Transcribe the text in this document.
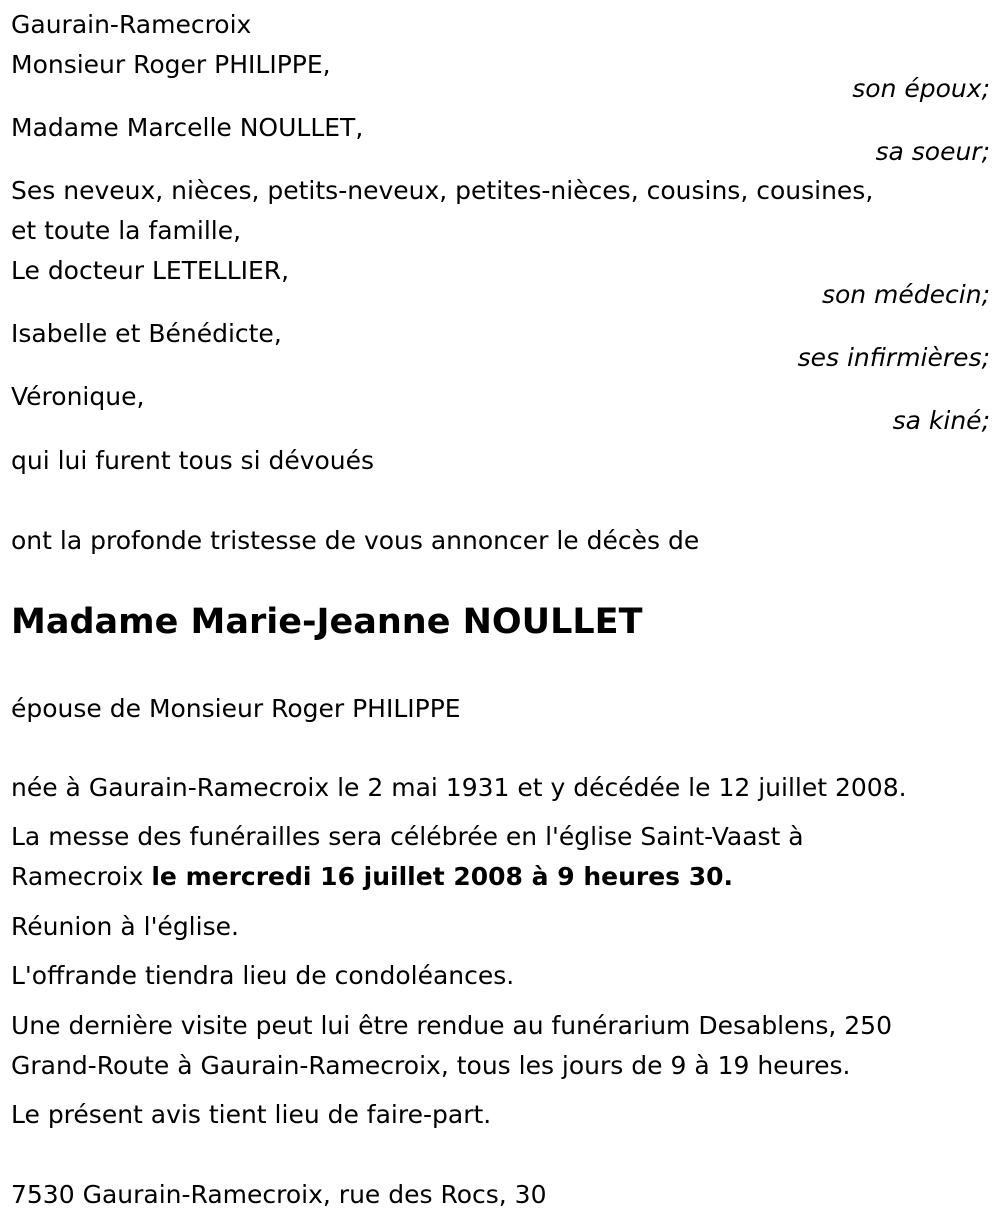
Gaurain-Ramecroix
Monsieur Roger PHILIPPE,
son époux;
Madame Marcelle NOULLET,
sa soeur;
Ses neveux, nièces, petits-neveux, petites-nièces, cousins, cousines,
et toute la famille,
Le docteur LETELLIER,
son médecin;
Isabelle et Bénédicte,
ses infirmières;
Véronique,
sa kiné;
qui lui furent tous si dévoués
ont la profonde tristesse de vous annoncer le décès de
Madame Marie-Jeanne NOULLET
épouse de Monsieur Roger PHILIPPE
née à Gaurain-Ramecroix le 2 mai 1931 et y décédée le 12 juillet 2008.
La messe des funérailles sera célébrée en l'église Saint-Vaast à
Ramecroix le mercredi 16 juillet 2008 à 9 heures 30.
Réunion à l'église.
L'offrande tiendra lieu de condoléances.
Une dernière visite peut lui être rendue au funérarium Desablens, 250
Grand-Route à Gaurain-Ramecroix, tous les jours de 9 à 19 heures.
Le présent avis tient lieu de faire-part.
7530 Gaurain-Ramecroix, rue des Rocs, 30
